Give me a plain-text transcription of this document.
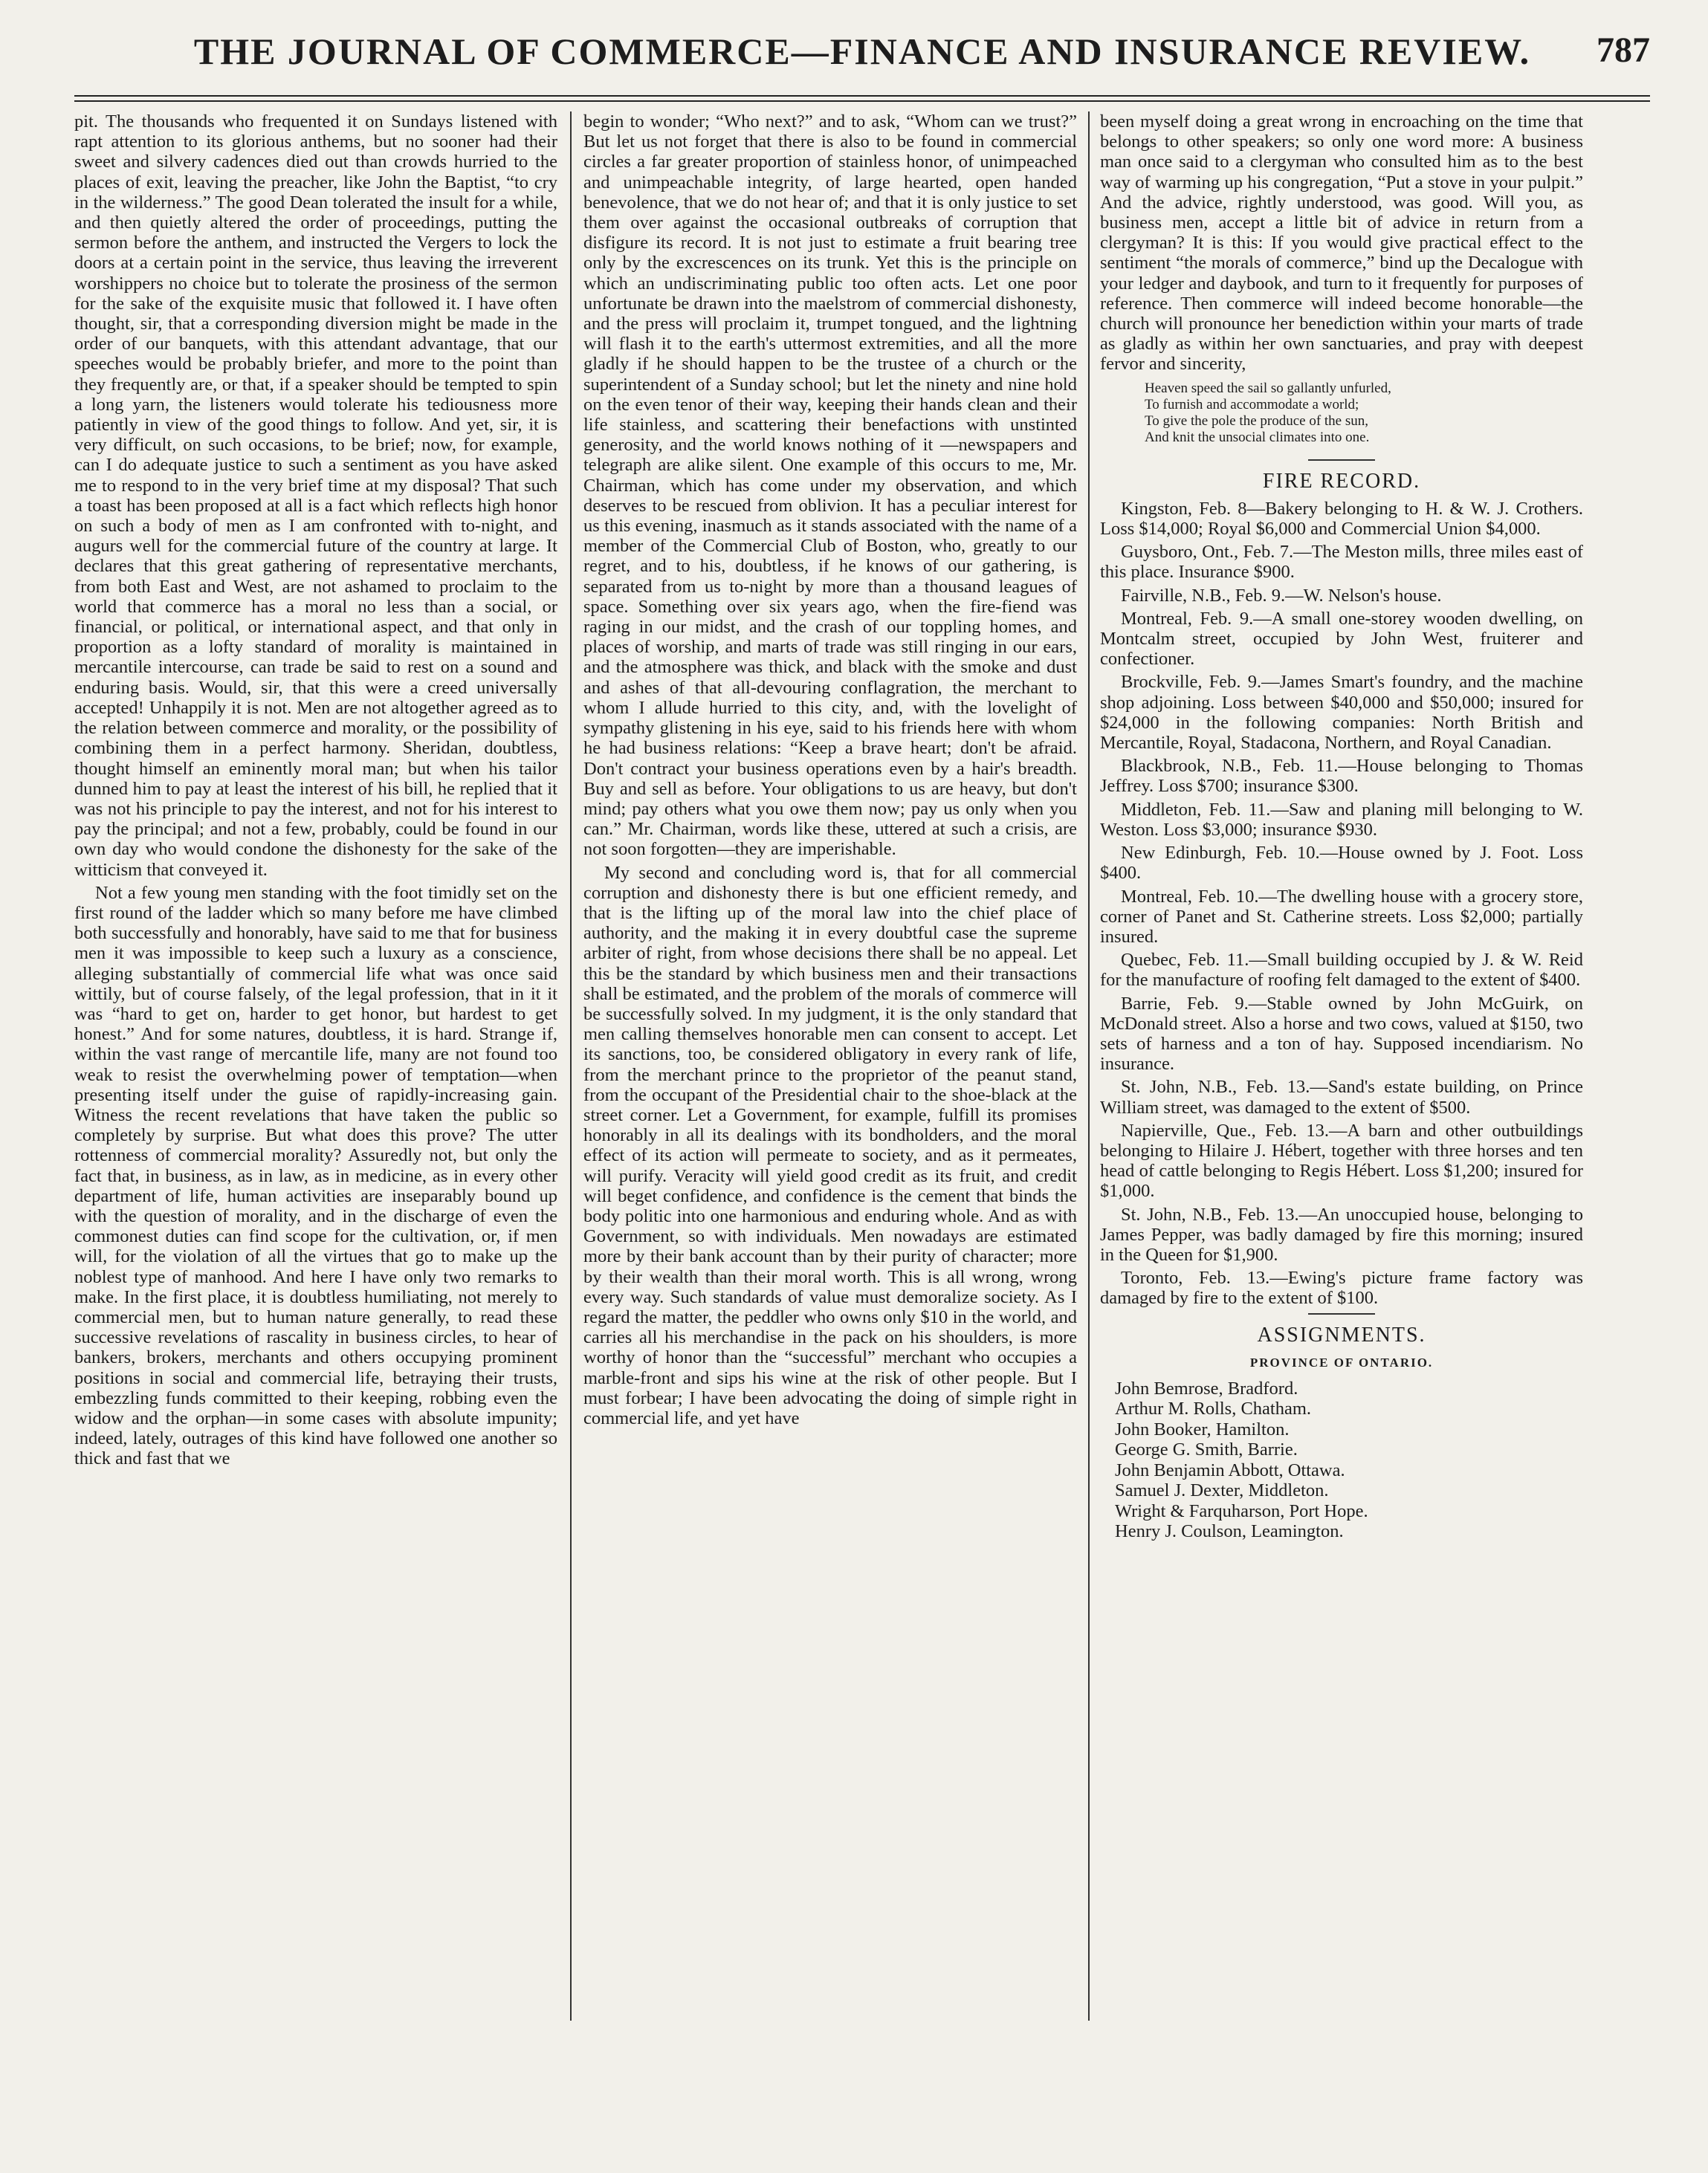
THE JOURNAL OF COMMERCE—FINANCE AND INSURANCE REVIEW.	787

pit. The thousands who frequented it on Sundays listened with rapt attention to its glorious anthems, but no sooner had their sweet and silvery cadences died out than crowds hurried to the places of exit, leaving the preacher, like John the Baptist, “to cry in the wilderness.” The good Dean tolerated the insult for a while, and then quietly altered the order of proceedings, putting the sermon before the anthem, and instructed the Vergers to lock the doors at a certain point in the service, thus leaving the irreverent worshippers no choice but to tolerate the prosiness of the sermon for the sake of the exquisite music that followed it. I have often thought, sir, that a corresponding diversion might be made in the order of our banquets, with this attendant advantage, that our speeches would be probably briefer, and more to the point than they frequently are, or that, if a speaker should be tempted to spin a long yarn, the listeners would tolerate his tediousness more patiently in view of the good things to follow. And yet, sir, it is very difficult, on such occasions, to be brief; now, for example, can I do adequate justice to such a sentiment as you have asked me to respond to in the very brief time at my disposal? That such a toast has been proposed at all is a fact which reflects high honor on such a body of men as I am confronted with to-night, and augurs well for the commercial future of the country at large. It declares that this great gathering of representative merchants, from both East and West, are not ashamed to proclaim to the world that commerce has a moral no less than a social, or financial, or political, or international aspect, and that only in proportion as a lofty standard of morality is maintained in mercantile intercourse, can trade be said to rest on a sound and enduring basis. Would, sir, that this were a creed universally accepted! Unhappily it is not. Men are not altogether agreed as to the relation between commerce and morality, or the possibility of combining them in a perfect harmony. Sheridan, doubtless, thought himself an eminently moral man; but when his tailor dunned him to pay at least the interest of his bill, he replied that it was not his principle to pay the interest, and not for his interest to pay the principal; and not a few, probably, could be found in our own day who would condone the dishonesty for the sake of the witticism that conveyed it.

Not a few young men standing with the foot timidly set on the first round of the ladder which so many before me have climbed both successfully and honorably, have said to me that for business men it was impossible to keep such a luxury as a conscience, alleging substantially of commercial life what was once said wittily, but of course falsely, of the legal profession, that in it it was “hard to get on, harder to get honor, but hardest to get honest.” And for some natures, doubtless, it is hard. Strange if, within the vast range of mercantile life, many are not found too weak to resist the overwhelming power of temptation—when presenting itself under the guise of rapidly-increasing gain. Witness the recent revelations that have taken the public so completely by surprise. But what does this prove? The utter rottenness of commercial morality? Assuredly not, but only the fact that, in business, as in law, as in medicine, as in every other department of life, human activities are inseparably bound up with the question of morality, and in the discharge of even the commonest duties can find scope for the cultivation, or, if men will, for the violation of all the virtues that go to make up the noblest type of manhood. And here I have only two remarks to make. In the first place, it is doubtless humiliating, not merely to commercial men, but to human nature generally, to read these successive revelations of rascality in business circles, to hear of bankers, brokers, merchants and others occupying prominent positions in social and commercial life, betraying their trusts, embezzling funds committed to their keeping, robbing even the widow and the orphan—in some cases with absolute impunity; indeed, lately, outrages of this kind have followed one another so thick and fast that we

begin to wonder; “Who next?” and to ask, “Whom can we trust?” But let us not forget that there is also to be found in commercial circles a far greater proportion of stainless honor, of unimpeached and unimpeachable integrity, of large hearted, open handed benevolence, that we do not hear of; and that it is only justice to set them over against the occasional outbreaks of corruption that disfigure its record. It is not just to estimate a fruit bearing tree only by the excrescences on its trunk. Yet this is the principle on which an undiscriminating public too often acts. Let one poor unfortunate be drawn into the maelstrom of commercial dishonesty, and the press will proclaim it, trumpet tongued, and the lightning will flash it to the earth's uttermost extremities, and all the more gladly if he should happen to be the trustee of a church or the superintendent of a Sunday school; but let the ninety and nine hold on the even tenor of their way, keeping their hands clean and their life stainless, and scattering their benefactions with unstinted generosity, and the world knows nothing of it —newspapers and telegraph are alike silent. One example of this occurs to me, Mr. Chairman, which has come under my observation, and which deserves to be rescued from oblivion. It has a peculiar interest for us this evening, inasmuch as it stands associated with the name of a member of the Commercial Club of Boston, who, greatly to our regret, and to his, doubtless, if he knows of our gathering, is separated from us to-night by more than a thousand leagues of space. Something over six years ago, when the fire-fiend was raging in our midst, and the crash of our toppling homes, and places of worship, and marts of trade was still ringing in our ears, and the atmosphere was thick, and black with the smoke and dust and ashes of that all-devouring conflagration, the merchant to whom I allude hurried to this city, and, with the lovelight of sympathy glistening in his eye, said to his friends here with whom he had business relations: “Keep a brave heart; don't be afraid. Don't contract your business operations even by a hair's breadth. Buy and sell as before. Your obligations to us are heavy, but don't mind; pay others what you owe them now; pay us only when you can.” Mr. Chairman, words like these, uttered at such a crisis, are not soon forgotten—they are imperishable.

My second and concluding word is, that for all commercial corruption and dishonesty there is but one efficient remedy, and that is the lifting up of the moral law into the chief place of authority, and the making it in every doubtful case the supreme arbiter of right, from whose decisions there shall be no appeal. Let this be the standard by which business men and their transactions shall be estimated, and the problem of the morals of commerce will be successfully solved. In my judgment, it is the only standard that men calling themselves honorable men can consent to accept. Let its sanctions, too, be considered obligatory in every rank of life, from the merchant prince to the proprietor of the peanut stand, from the occupant of the Presidential chair to the shoe-black at the street corner. Let a Government, for example, fulfill its promises honorably in all its dealings with its bondholders, and the moral effect of its action will permeate to society, and as it permeates, will purify. Veracity will yield good credit as its fruit, and credit will beget confidence, and confidence is the cement that binds the body politic into one harmonious and enduring whole. And as with Government, so with individuals. Men nowadays are estimated more by their bank account than by their purity of character; more by their wealth than their moral worth. This is all wrong, wrong every way. Such standards of value must demoralize society. As I regard the matter, the peddler who owns only $10 in the world, and carries all his merchandise in the pack on his shoulders, is more worthy of honor than the “successful” merchant who occupies a marble-front and sips his wine at the risk of other people. But I must forbear; I have been advocating the doing of simple right in commercial life, and yet have

been myself doing a great wrong in encroaching on the time that belongs to other speakers; so only one word more: A business man once said to a clergyman who consulted him as to the best way of warming up his congregation, “Put a stove in your pulpit.” And the advice, rightly understood, was good. Will you, as business men, accept a little bit of advice in return from a clergyman? It is this: If you would give practical effect to the sentiment “the morals of commerce,” bind up the Decalogue with your ledger and daybook, and turn to it frequently for purposes of reference. Then commerce will indeed become honorable—the church will pronounce her benediction within your marts of trade as gladly as within her own sanctuaries, and pray with deepest fervor and sincerity,

Heaven speed the sail so gallantly unfurled,
To furnish and accommodate a world;
To give the pole the produce of the sun,
And knit the unsocial climates into one.
FIRE RECORD.

Kingston, Feb. 8—Bakery belonging to H. & W. J. Crothers. Loss $14,000; Royal $6,000 and Commercial Union $4,000.

Guysboro, Ont., Feb. 7.—The Meston mills, three miles east of this place. Insurance $900.

Fairville, N.B., Feb. 9.—W. Nelson's house.

Montreal, Feb. 9.—A small one-storey wooden dwelling, on Montcalm street, occupied by John West, fruiterer and confectioner.

Brockville, Feb. 9.—James Smart's foundry, and the machine shop adjoining. Loss between $40,000 and $50,000; insured for $24,000 in the following companies: North British and Mercantile, Royal, Stadacona, Northern, and Royal Canadian.

Blackbrook, N.B., Feb. 11.—House belonging to Thomas Jeffrey. Loss $700; insurance $300.

Middleton, Feb. 11.—Saw and planing mill belonging to W. Weston. Loss $3,000; insurance $930.

New Edinburgh, Feb. 10.—House owned by J. Foot. Loss $400.

Montreal, Feb. 10.—The dwelling house with a grocery store, corner of Panet and St. Catherine streets. Loss $2,000; partially insured.

Quebec, Feb. 11.—Small building occupied by J. & W. Reid for the manufacture of roofing felt damaged to the extent of $400.

Barrie, Feb. 9.—Stable owned by John McGuirk, on McDonald street. Also a horse and two cows, valued at $150, two sets of harness and a ton of hay. Supposed incendiarism. No insurance.

St. John, N.B., Feb. 13.—Sand's estate building, on Prince William street, was damaged to the extent of $500.

Napierville, Que., Feb. 13.—A barn and other outbuildings belonging to Hilaire J. Hébert, together with three horses and ten head of cattle belonging to Regis Hébert. Loss $1,200; insured for $1,000.

St. John, N.B., Feb. 13.—An unoccupied house, belonging to James Pepper, was badly damaged by fire this morning; insured in the Queen for $1,900.

Toronto, Feb. 13.—Ewing's picture frame factory was damaged by fire to the extent of $100.

ASSIGNMENTS.
PROVINCE OF ONTARIO.
John Bemrose, Bradford.
Arthur M. Rolls, Chatham.
John Booker, Hamilton.
George G. Smith, Barrie.
John Benjamin Abbott, Ottawa.
Samuel J. Dexter, Middleton.
Wright & Farquharson, Port Hope.
Henry J. Coulson, Leamington.
